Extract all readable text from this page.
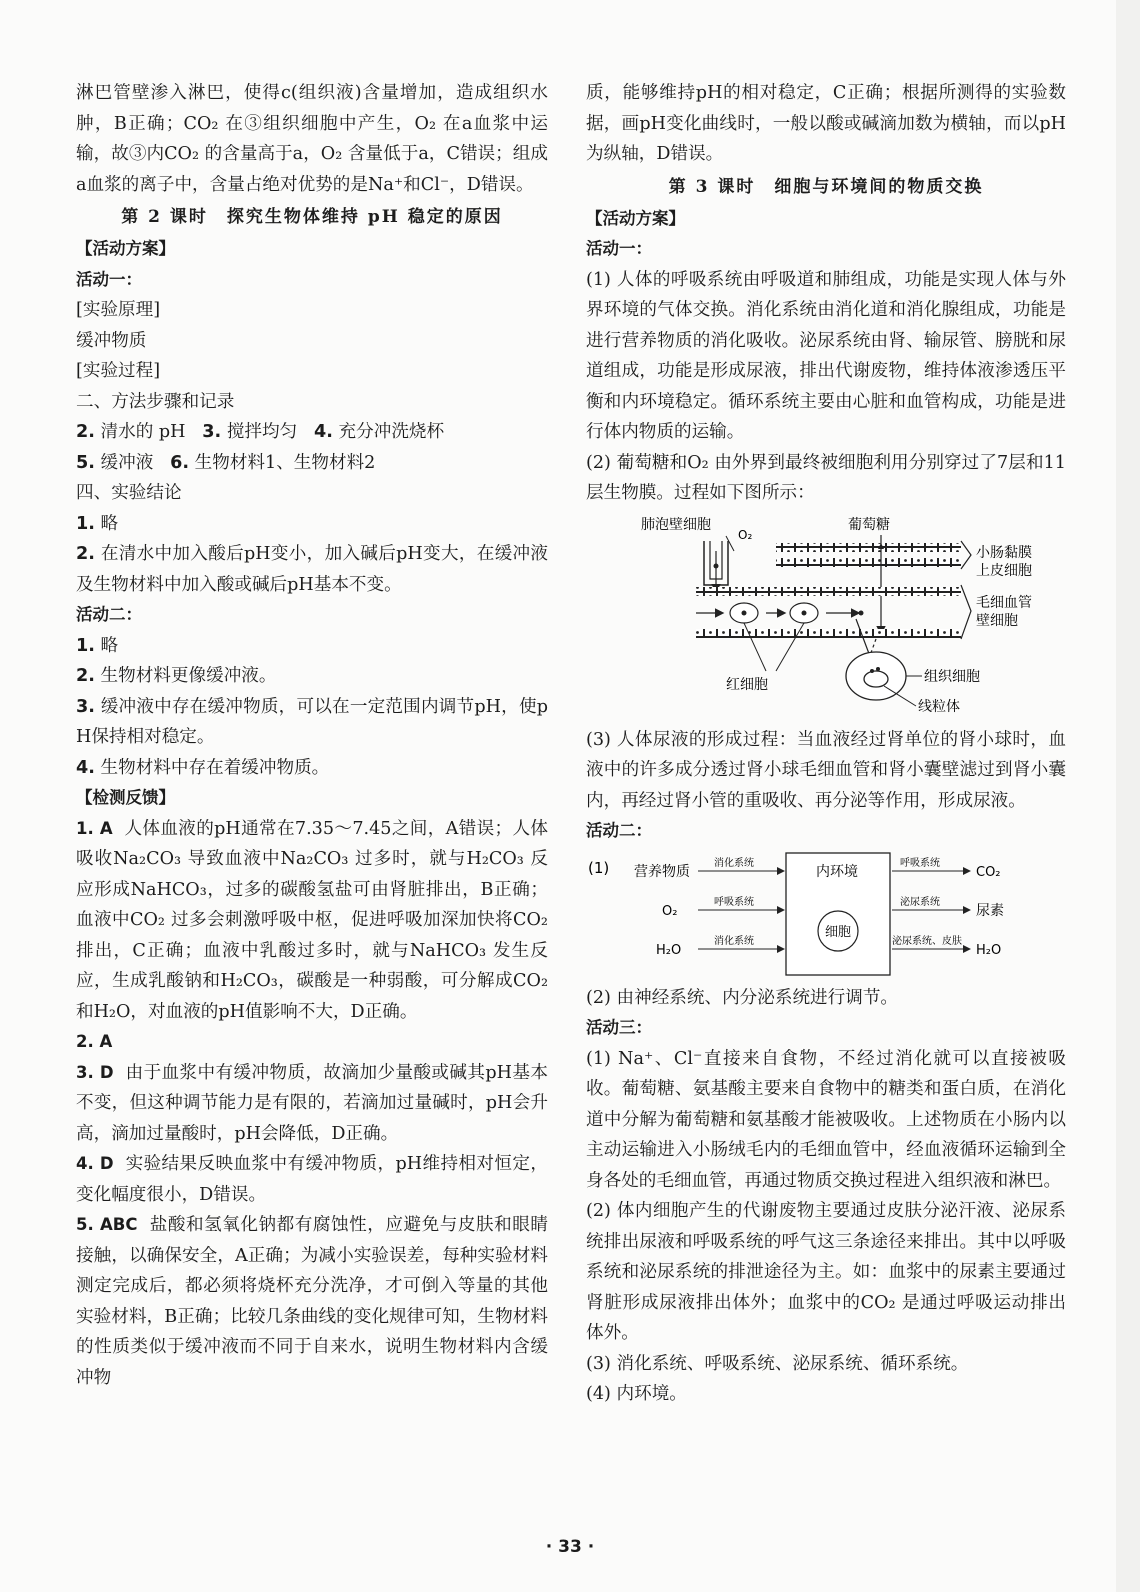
淋巴管壁渗入淋巴，使得c(组织液)含量增加，造成组织水肿，B正确；CO₂ 在③组织细胞中产生，O₂ 在a血浆中运输，故③内CO₂ 的含量高于a，O₂ 含量低于a，C错误；组成a血浆的离子中，含量占绝对优势的是Na⁺和Cl⁻，D错误。

第 2 课时　探究生物体维持 pH 稳定的原因

【活动方案】

活动一：

[实验原理]

缓冲物质

[实验过程]

二、方法步骤和记录

2. 清水的 pH 3. 搅拌均匀 4. 充分冲洗烧杯

5. 缓冲液 6. 生物材料1、生物材料2

四、实验结论

1. 略

2. 在清水中加入酸后pH变小，加入碱后pH变大，在缓冲液及生物材料中加入酸或碱后pH基本不变。

活动二：

1. 略

2. 生物材料更像缓冲液。

3. 缓冲液中存在缓冲物质，可以在一定范围内调节pH，使pH保持相对稳定。

4. 生物材料中存在着缓冲物质。

【检测反馈】

1. A 人体血液的pH通常在7.35～7.45之间，A错误；人体吸收Na₂CO₃ 导致血液中Na₂CO₃ 过多时，就与H₂CO₃ 反应形成NaHCO₃，过多的碳酸氢盐可由肾脏排出，B正确；血液中CO₂ 过多会刺激呼吸中枢，促进呼吸加深加快将CO₂ 排出，C正确；血液中乳酸过多时，就与NaHCO₃ 发生反应，生成乳酸钠和H₂CO₃，碳酸是一种弱酸，可分解成CO₂ 和H₂O，对血液的pH值影响不大，D正确。

2. A

3. D 由于血浆中有缓冲物质，故滴加少量酸或碱其pH基本不变，但这种调节能力是有限的，若滴加过量碱时，pH会升高，滴加过量酸时，pH会降低，D正确。

4. D 实验结果反映血浆中有缓冲物质，pH维持相对恒定，变化幅度很小，D错误。

5. ABC 盐酸和氢氧化钠都有腐蚀性，应避免与皮肤和眼睛接触，以确保安全，A正确；为减小实验误差，每种实验材料测定完成后，都必须将烧杯充分洗净，才可倒入等量的其他实验材料，B正确；比较几条曲线的变化规律可知，生物材料的性质类似于缓冲液而不同于自来水，说明生物材料内含缓冲物

质，能够维持pH的相对稳定，C正确；根据所测得的实验数据，画pH变化曲线时，一般以酸或碱滴加数为横轴，而以pH为纵轴，D错误。

第 3 课时　细胞与环境间的物质交换

【活动方案】

活动一：

(1) 人体的呼吸系统由呼吸道和肺组成，功能是实现人体与外界环境的气体交换。消化系统由消化道和消化腺组成，功能是进行营养物质的消化吸收。泌尿系统由肾、输尿管、膀胱和尿道组成，功能是形成尿液，排出代谢废物，维持体液渗透压平衡和内环境稳定。循环系统主要由心脏和血管构成，功能是进行体内物质的运输。

(2) 葡萄糖和O₂ 由外界到最终被细胞利用分别穿过了7层和11层生物膜。过程如下图所示：

肺泡壁细胞
O₂
葡萄糖
小肠黏膜
上皮细胞
毛细血管
壁细胞
红细胞	组织细胞
线粒体

(3) 人体尿液的形成过程：当血液经过肾单位的肾小球时，血液中的许多成分透过肾小球毛细血管和肾小囊壁滤过到肾小囊内，再经过肾小管的重吸收、再分泌等作用，形成尿液。

活动二：

(1)	内环境
细胞
营养物质
O₂
H₂O
消化系统
呼吸系统
消化系统
呼吸系统
泌尿系统
泌尿系统、皮肤
CO₂
尿素
H₂O

(2) 由神经系统、内分泌系统进行调节。

活动三：

(1) Na⁺、Cl⁻直接来自食物，不经过消化就可以直接被吸收。葡萄糖、氨基酸主要来自食物中的糖类和蛋白质，在消化道中分解为葡萄糖和氨基酸才能被吸收。上述物质在小肠内以主动运输进入小肠绒毛内的毛细血管中，经血液循环运输到全身各处的毛细血管，再通过物质交换过程进入组织液和淋巴。

(2) 体内细胞产生的代谢废物主要通过皮肤分泌汗液、泌尿系统排出尿液和呼吸系统的呼气这三条途径来排出。其中以呼吸系统和泌尿系统的排泄途径为主。如：血浆中的尿素主要通过肾脏形成尿液排出体外；血浆中的CO₂ 是通过呼吸运动排出体外。

(3) 消化系统、呼吸系统、泌尿系统、循环系统。

(4) 内环境。

· 33 ·
